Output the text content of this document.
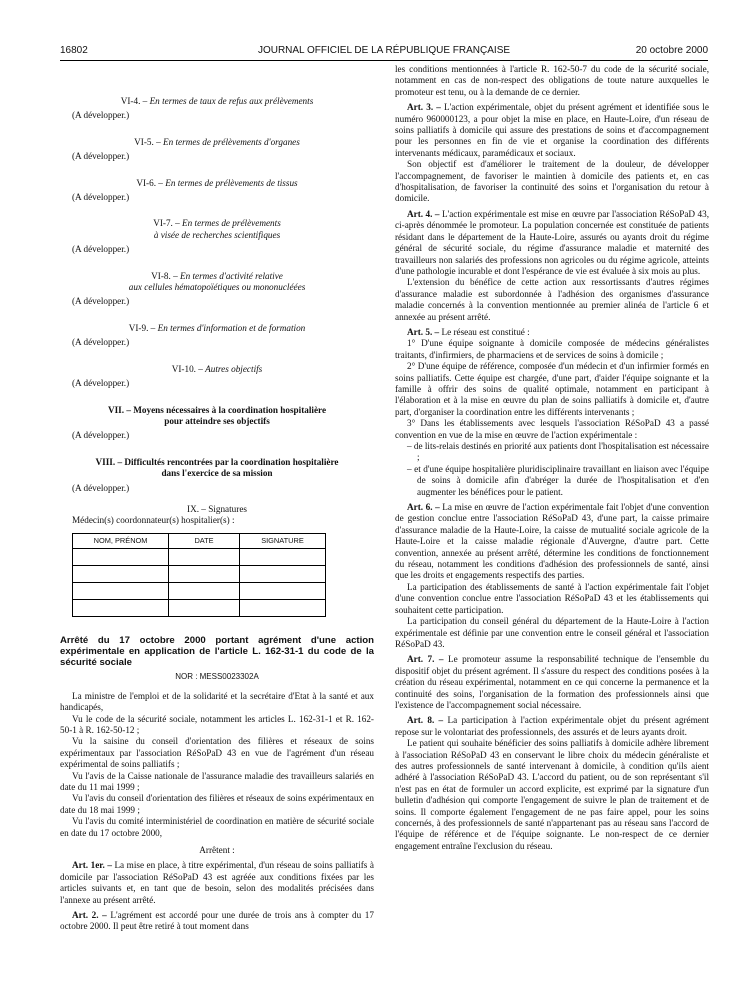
16802	JOURNAL OFFICIEL DE LA RÉPUBLIQUE FRANÇAISE	20 octobre 2000

VI-4. – En termes de taux de refus aux prélèvements

(A développer.)

VI-5. – En termes de prélèvements d'organes

(A développer.)

VI-6. – En termes de prélèvements de tissus

(A développer.)

VI-7. – En termes de prélèvements

à visée de recherches scientifiques

(A développer.)

VI-8. – En termes d'activité relative

aux cellules hématopoïétiques ou mononucléées

(A développer.)

VI-9. – En termes d'information et de formation

(A développer.)

VI-10. – Autres objectifs

(A développer.)

VII. – Moyens nécessaires à la coordination hospitalière

pour atteindre ses objectifs

(A développer.)

VIII. – Difficultés rencontrées par la coordination hospitalière

dans l'exercice de sa mission

(A développer.)

IX. – Signatures

Médecin(s) coordonnateur(s) hospitalier(s) :

NOM, PRÉNOM	DATE	SIGNATURE

Arrêté du 17 octobre 2000 portant agrément d'une action expérimentale en application de l'article L. 162-31-1 du code de la sécurité sociale

NOR : MESS0023302A

La ministre de l'emploi et de la solidarité et la secrétaire d'Etat à la santé et aux handicapés,

Vu le code de la sécurité sociale, notamment les articles L. 162-31-1 et R. 162-50-1 à R. 162-50-12 ;

Vu la saisine du conseil d'orientation des filières et réseaux de soins expérimentaux par l'association RéSoPaD 43 en vue de l'agrément d'un réseau expérimental de soins palliatifs ;

Vu l'avis de la Caisse nationale de l'assurance maladie des travailleurs salariés en date du 11 mai 1999 ;

Vu l'avis du conseil d'orientation des filières et réseaux de soins expérimentaux en date du 18 mai 1999 ;

Vu l'avis du comité interministériel de coordination en matière de sécurité sociale en date du 17 octobre 2000,

Arrêtent :

Art. 1er. – La mise en place, à titre expérimental, d'un réseau de soins palliatifs à domicile par l'association RéSoPaD 43 est agréée aux conditions fixées par les articles suivants et, en tant que de besoin, selon des modalités précisées dans l'annexe au présent arrêté.

Art. 2. – L'agrément est accordé pour une durée de trois ans à compter du 17 octobre 2000. Il peut être retiré à tout moment dans

les conditions mentionnées à l'article R. 162-50-7 du code de la sécurité sociale, notamment en cas de non-respect des obligations de toute nature auxquelles le promoteur est tenu, ou à la demande de ce dernier.

Art. 3. – L'action expérimentale, objet du présent agrément et identifiée sous le numéro 960000123, a pour objet la mise en place, en Haute-Loire, d'un réseau de soins palliatifs à domicile qui assure des prestations de soins et d'accompagnement pour les personnes en fin de vie et organise la coordination des différents intervenants médicaux, paramédicaux et sociaux.

Son objectif est d'améliorer le traitement de la douleur, de développer l'accompagnement, de favoriser le maintien à domicile des patients et, en cas d'hospitalisation, de favoriser la continuité des soins et l'organisation du retour à domicile.

Art. 4. – L'action expérimentale est mise en œuvre par l'association RéSoPaD 43, ci-après dénommée le promoteur. La population concernée est constituée de patients résidant dans le département de la Haute-Loire, assurés ou ayants droit du régime général de sécurité sociale, du régime d'assurance maladie et maternité des travailleurs non salariés des professions non agricoles ou du régime agricole, atteints d'une pathologie incurable et dont l'espérance de vie est évaluée à six mois au plus.

L'extension du bénéfice de cette action aux ressortissants d'autres régimes d'assurance maladie est subordonnée à l'adhésion des organismes d'assurance maladie concernés à la convention mentionnée au premier alinéa de l'article 6 et annexée au présent arrêté.

Art. 5. – Le réseau est constitué :

1° D'une équipe soignante à domicile composée de médecins généralistes traitants, d'infirmiers, de pharmaciens et de services de soins à domicile ;

2° D'une équipe de référence, composée d'un médecin et d'un infirmier formés en soins palliatifs. Cette équipe est chargée, d'une part, d'aider l'équipe soignante et la famille à offrir des soins de qualité optimale, notamment en participant à l'élaboration et à la mise en œuvre du plan de soins palliatifs à domicile et, d'autre part, d'organiser la coordination entre les différents intervenants ;

3° Dans les établissements avec lesquels l'association RéSoPaD 43 a passé convention en vue de la mise en œuvre de l'action expérimentale :

– de lits-relais destinés en priorité aux patients dont l'hospitalisation est nécessaire ;

– et d'une équipe hospitalière pluridisciplinaire travaillant en liaison avec l'équipe de soins à domicile afin d'abréger la durée de l'hospitalisation et d'en augmenter les bénéfices pour le patient.

Art. 6. – La mise en œuvre de l'action expérimentale fait l'objet d'une convention de gestion conclue entre l'association RéSoPaD 43, d'une part, la caisse primaire d'assurance maladie de la Haute-Loire, la caisse de mutualité sociale agricole de la Haute-Loire et la caisse maladie régionale d'Auvergne, d'autre part. Cette convention, annexée au présent arrêté, détermine les conditions de fonctionnement du réseau, notamment les conditions d'adhésion des professionnels de santé, ainsi que les droits et engagements respectifs des parties.

La participation des établissements de santé à l'action expérimentale fait l'objet d'une convention conclue entre l'association RéSoPaD 43 et les établissements qui souhaitent cette participation.

La participation du conseil général du département de la Haute-Loire à l'action expérimentale est définie par une convention entre le conseil général et l'association RéSoPaD 43.

Art. 7. – Le promoteur assume la responsabilité technique de l'ensemble du dispositif objet du présent agrément. Il s'assure du respect des conditions posées à la création du réseau expérimental, notamment en ce qui concerne la permanence et la continuité des soins, l'organisation de la formation des professionnels ainsi que l'existence de l'accompagnement social nécessaire.

Art. 8. – La participation à l'action expérimentale objet du présent agrément repose sur le volontariat des professionnels, des assurés et de leurs ayants droit.

Le patient qui souhaite bénéficier des soins palliatifs à domicile adhère librement à l'association RéSoPaD 43 en conservant le libre choix du médecin généraliste et des autres professionnels de santé intervenant à domicile, à condition qu'ils aient adhéré à l'association RéSoPaD 43. L'accord du patient, ou de son représentant s'il n'est pas en état de formuler un accord explicite, est exprimé par la signature d'un bulletin d'adhésion qui comporte l'engagement de suivre le plan de traitement et de soins. Il comporte également l'engagement de ne pas faire appel, pour les soins concernés, à des professionnels de santé n'appartenant pas au réseau sans l'accord de l'équipe de référence et de l'équipe soignante. Le non-respect de ce dernier engagement entraîne l'exclusion du réseau.
